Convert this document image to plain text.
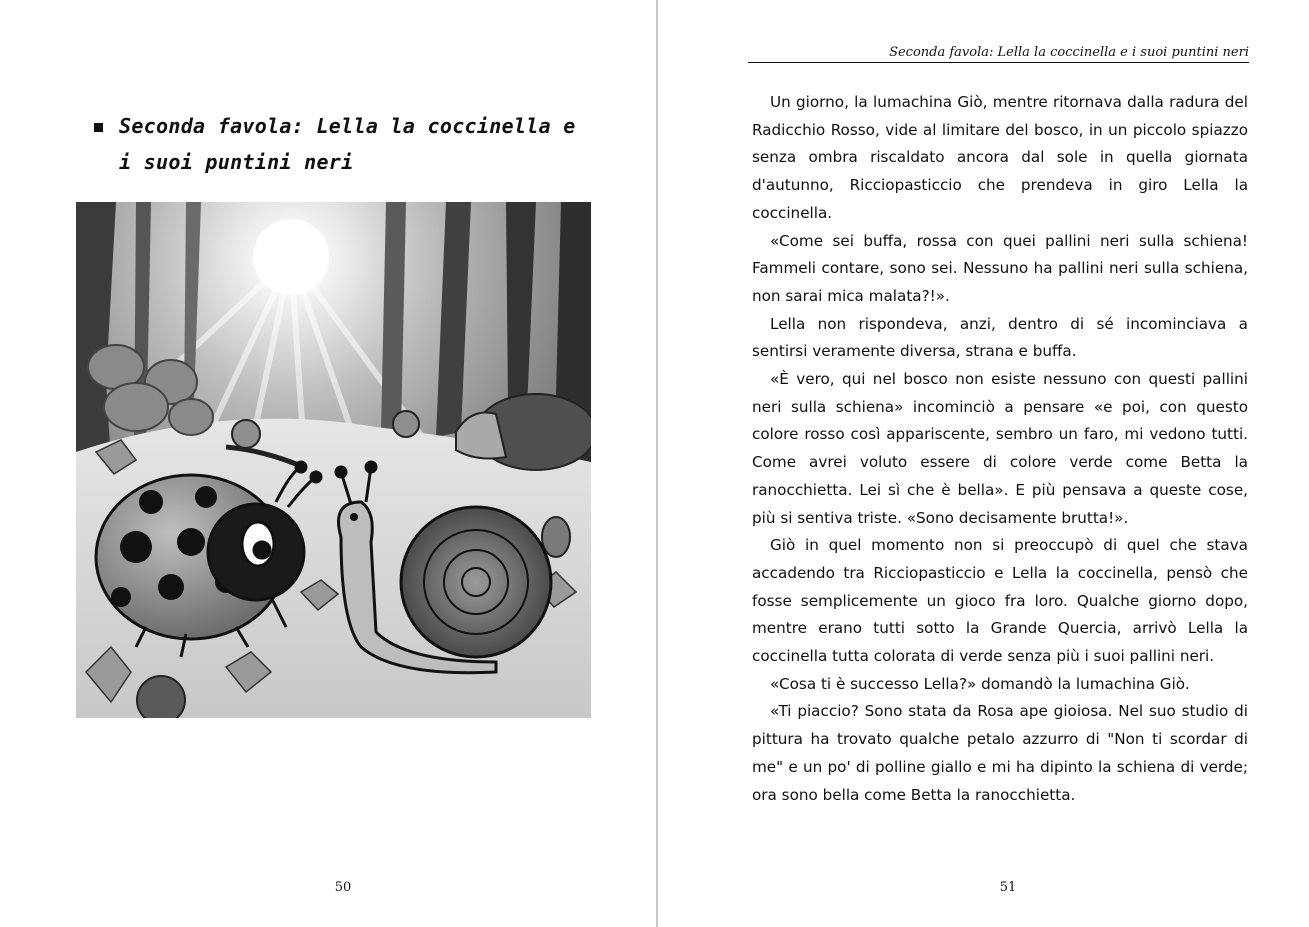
Seconda favola: Lella la coccinella e i suoi puntini neri
50
Seconda favola: Lella la coccinella e i suoi puntini neri

Un giorno, la lumachina Giò, mentre ritornava dalla radura del Radicchio Rosso, vide al limitare del bosco, in un piccolo spiazzo senza ombra riscaldato ancora dal sole in quella giornata d'autunno, Ricciopasticcio che prendeva in giro Lella la coccinella.

«Come sei buffa, rossa con quei pallini neri sulla schiena! Fammeli contare, sono sei. Nessuno ha pallini neri sulla schiena, non sarai mica malata?!».

Lella non rispondeva, anzi, dentro di sé incominciava a sentirsi veramente diversa, strana e buffa.

«È vero, qui nel bosco non esiste nessuno con questi pallini neri sulla schiena» incominciò a pensare «e poi, con questo colore rosso così appariscente, sembro un faro, mi vedono tutti. Come avrei voluto essere di colore verde come Betta la ranocchietta. Lei sì che è bella». E più pensava a queste cose, più si sentiva triste. «Sono decisamente brutta!».

Giò in quel momento non si preoccupò di quel che stava accadendo tra Ricciopasticcio e Lella la coccinella, pensò che fosse semplicemente un gioco fra loro. Qualche giorno dopo, mentre erano tutti sotto la Grande Quercia, arrivò Lella la coccinella tutta colorata di verde senza più i suoi pallini neri.

«Cosa ti è successo Lella?» domandò la lumachina Giò.

«Ti piaccio? Sono stata da Rosa ape gioiosa. Nel suo studio di pittura ha trovato qualche petalo azzurro di "Non ti scordar di me" e un po' di polline giallo e mi ha dipinto la schiena di verde; ora sono bella come Betta la ranocchietta.

51
